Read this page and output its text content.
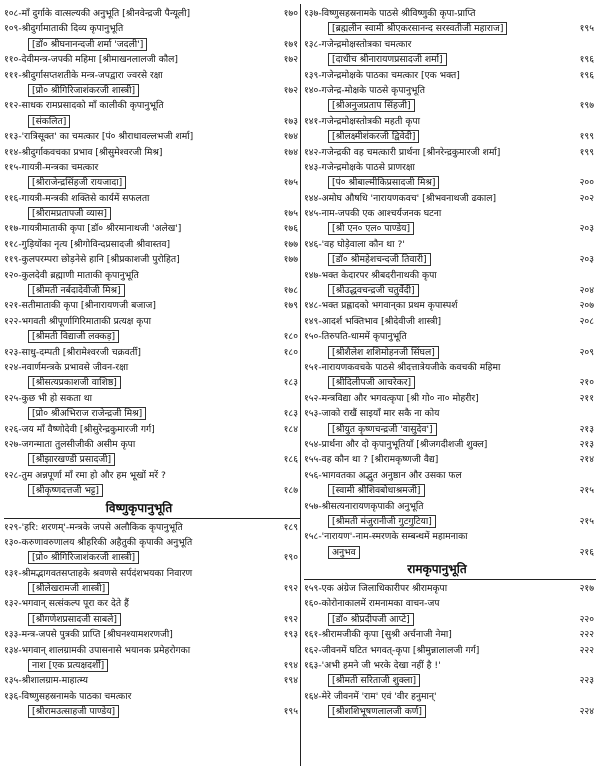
१०८-माँ दुर्गाके वात्सल्यकी अनुभूति [श्रीनवेन्द्रजी पैन्यूली]	१७०
१०९-श्रीदुर्गामाताकी दिव्य कृपानुभूति
[डॉ० श्रीघनानन्दजी शर्मा 'जदली']	१७१
११०-देवीमन्त्र-जपकी महिमा [श्रीमाखनलालजी कौल]	१७२
१११-श्रीदुर्गासप्तशतीके मन्त्र-जपद्वारा ज्वरसे रक्षा
[प्रो० श्रीगिरिजाशंकरजी शास्त्री]	१७२
११२-साधक रामप्रसादको माँ कालीकी कृपानुभूति
[संकलित]	१७३
११३-'रात्रिसूक्त' का चमत्कार [पं० श्रीराधावल्लभजी शर्मा]	१७४
११४-श्रीदुर्गाकवचका प्रभाव [श्रीसुमेश्वरजी मिश्र]	१७४
११५-गायत्री-मन्त्रका चमत्कार
[श्रीराजेन्द्रसिंहजी रायजादा]	१७५
११६-गायत्री-मन्त्रकी शक्तिसे कार्यमें सफलता
[श्रीरामप्रतापजी व्यास]	१७५
११७-गायत्रीमाताकी कृपा [डॉ० श्रीरमानाथजी 'अलेख']	१७६
११८-गुड़ियोंका नृत्य [श्रीगोविन्दप्रसादजी श्रीवास्तव]	१७७
११९-कुलपरम्परा छोड़नेसे हानि [श्रीप्रकाशजी पुरोहित]	१७७
१२०-कुलदेवी ब्रह्माणी माताकी कृपानुभूति
[श्रीमती नर्बदादेवीजी मिश्र]	१७८
१२१-सतीमाताकी कृपा [श्रीनारायणजी बजाज]	१७९
१२२-भगवती श्रीपूर्णागिरिमाताकी प्रत्यक्ष कृपा
[श्रीमती विद्याजी लक्कड़]	१८०
१२३-साधु-दम्पती [श्रीरामेश्वरजी चक्रवर्ती]	१८०
१२४-नवार्णमन्त्रके प्रभावसे जीवन-रक्षा
[श्रीसत्यप्रकाशजी वाशिष्ठ]	१८३
१२५-कुछ भी हो सकता था
[प्रो० श्रीअभिराज राजेन्द्रजी मिश्र]	१८३
१२६-जय माँ वैष्णोदेवी [श्रीसुरेन्द्रकुमारजी गर्ग]	१८४
१२७-जगन्माता तुलसीजीकी असीम कृपा
[श्रीझारखण्डी प्रसादजी]	१८६
१२८-तुम अन्नपूर्णा माँ रमा हो और हम भूखों मरें ?
[श्रीकृष्णदत्तजी भट्ट]	१८७
विष्णुकृपानुभूति
१२९-'हरि: शरणम्'-मन्त्रके जपसे अलौकिक कृपानुभूति	१८९
१३०-करुणावरुणालय श्रीहरिकी अहैतुकी कृपाकी अनुभूति
[प्रो० श्रीगिरिजाशंकरजी शास्त्री]	१९०
१३१-श्रीमद्भागवतसप्ताहके श्रवणसे सर्पदंशभयका निवारण
[श्रीलेखरामजी शास्त्री]	१९२
१३२-भगवान् सत्संकल्प पूरा कर देते हैं
[श्रीगणेशप्रसादजी साबले]	१९२
१३३-मन्त्र-जपसे पुत्रकी प्राप्ति [श्रीघनश्यामशरणजी]	१९३
१३४-भगवान् शालग्रामकी उपासनासे भयानक प्रमेहरोगका
नाश [एक प्रत्यक्षदर्शी]	१९४
१३५-श्रीशालग्राम-माहात्म्य	१९४
१३६-विष्णुसहस्रनामके पाठका चमत्कार
[श्रीरामउत्साहजी पाण्डेय]	१९५
१३७-विष्णुसहस्रनामके पाठसे श्रीविष्णुकी कृपा-प्राप्ति
[ब्रह्मलीन स्वामी श्रीएकरसानन्द सरस्वतीजी महाराज]	१९५
१३८-गजेन्द्रमोक्षस्तोत्रका चमत्कार
[दाधीच श्रीनारायणप्रसादजी शर्मा]	१९६
१३९-गजेन्द्रमोक्षके पाठका चमत्कार [एक भक्त]	१९६
१४०-गजेन्द्र-मोक्षके पाठसे कृपानुभूति
[श्रीअनुजप्रताप सिंहजी]	१९७
१४१-गजेन्द्रमोक्षस्तोत्रकी महती कृपा
[श्रीलक्ष्मीशंकरजी द्विवेदी]	१९९
१४२-गजेन्द्रकी वह चमत्कारी प्रार्थना [श्रीनरेन्द्रकुमारजी शर्मा]	१९९
१४३-गजेन्द्रमोक्षके पाठसे प्राणरक्षा
[पं० श्रीबाल्मीकिप्रसादजी मिश्र]	२००
१४४-अमोघ औषधि 'नारायणकवच' [श्रीभवनाथजी ढकाल]	२०२
१४५-नाम-जपकी एक आश्चर्यजनक घटना
[श्री एन० एल० पाण्डेय]	२०३
१४६-'वह घोड़ेवाला कौन था ?'
[डॉ० श्रीमहेशचन्दजी तिवारी]	२०३
१४७-भक्त केदारपर श्रीबदरीनाथकी कृपा
[श्रीउद्धवचन्द्रजी चतुर्वेदी]	२०४
१४८-भक्त प्रह्लादको भगवान्‌का प्रथम कृपास्पर्श	२०७
१४९-आदर्श भक्तिभाव [श्रीदेवीजी शास्त्री]	२०८
१५०-तिरुपति-धाममें कृपानुभूति
[श्रीशैलेश शशिमोहनजी सिंघल]	२०९
१५१-नारायणकवचके पाठसे श्रीदत्तात्रेयजीके कवचकी महिमा
[श्रीदिलीपजी आचरेकर]	२१०
१५२-मन्त्रविद्या और भगवत्कृपा [श्री गो० ना० मोहरीर]	२११
१५३-जाको राखैं साइयाँ मार सकै ना कोय
[श्रीयुत कृष्णचन्द्रजी 'वासुदेव']	२१३
१५४-प्रार्थना और दो कृपानुभूतियाँ [श्रीजगदीशजी शुक्ल]	२१३
१५५-वह कौन था ? [श्रीरामकृष्णजी वैद्य]	२१४
१५६-भागवतका अद्भुत अनुष्ठान और उसका फल
[स्वामी श्रीशिवबोधाश्रमजी]	२१५
१५७-श्रीसत्यनारायणकृपाकी अनुभूति
[श्रीमती मंजुरानीजी गुटगुटिया]	२१५
१५८-'नारायण'-नाम-स्मरणके सम्बन्धमें महामनाका
अनुभव	२१६
रामकृपानुभूति
१५९-एक अंग्रेज जिलाधिकारीपर श्रीरामकृपा	२१७
१६०-कोरोनाकालमें रामनामका वाचन-जप
[डॉ० श्रीप्रदीपजी आप्टे]	२२०
१६१-श्रीरामजीकी कृपा [सुश्री अर्चनाजी नेमा]	२२२
१६२-जीवनमें घटित भगवत्-कृपा [श्रीमुन्नालालजी गर्ग]	२२२
१६३-'अभी हमने जी भरके देखा नहीं है !'
[श्रीमती सरिताजी शुक्ला]	२२३
१६४-मेरे जीवनमें 'राम' एवं 'वीर हनुमान्'
[श्रीशशिभूषणलालजी कर्ण]	२२४
